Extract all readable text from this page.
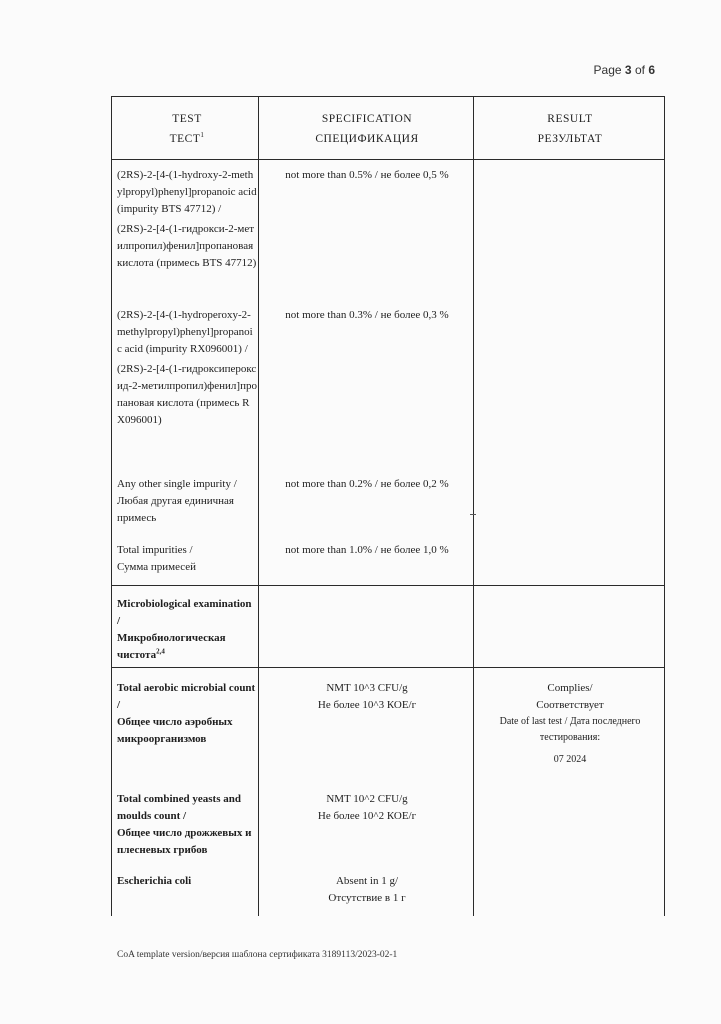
Page 3 of 6
TEST
ТЕСТ$^1$
SPECIFICATION
СПЕЦИФИКАЦИЯ
RESULT
РЕЗУЛЬТАТ
(2RS)-2-[4-(1-hydroxy-2-methylpropyl)phenyl]propanoic acid (impurity BTS 47712) /
(2RS)-2-[4-(1-гидрокси-2-метилпропил)фенил]пропановая кислота (примесь BTS 47712)
not more than 0.5% / не более 0,5 %
(2RS)-2-[4-(1-hydroperoxy-2-methylpropyl)phenyl]propanoic acid (impurity RX096001) /
(2RS)-2-[4-(1-гидроксипероксид-2-метилпропил)фенил]пропановая кислота (примесь RX096001)
not more than 0.3% / не более 0,3 %
Any other single impurity /
Любая другая единичная примесь
not more than 0.2% / не более 0,2 %
Total impurities /
Сумма примесей
not more than 1.0% / не более 1,0 %
Microbiological examination /
Микробиологическая чистота$^{2,4}$
Total aerobic microbial count /
Общее число аэробных микроорганизмов
NMT 10^3 CFU/g
Не более 10^3 КОЕ/г
Complies/
Соответствует
Date of last test / Дата последнего тестирования:
07 2024
Total combined yeasts and moulds count /
Общее число дрожжевых и плесневых грибов
NMT 10^2 CFU/g
Не более 10^2 КОЕ/г
Escherichia coli	Absent in 1 g/
Отсутствие в 1 г
CoA template version/версия шаблона сертификата 3189113/2023-02-1
